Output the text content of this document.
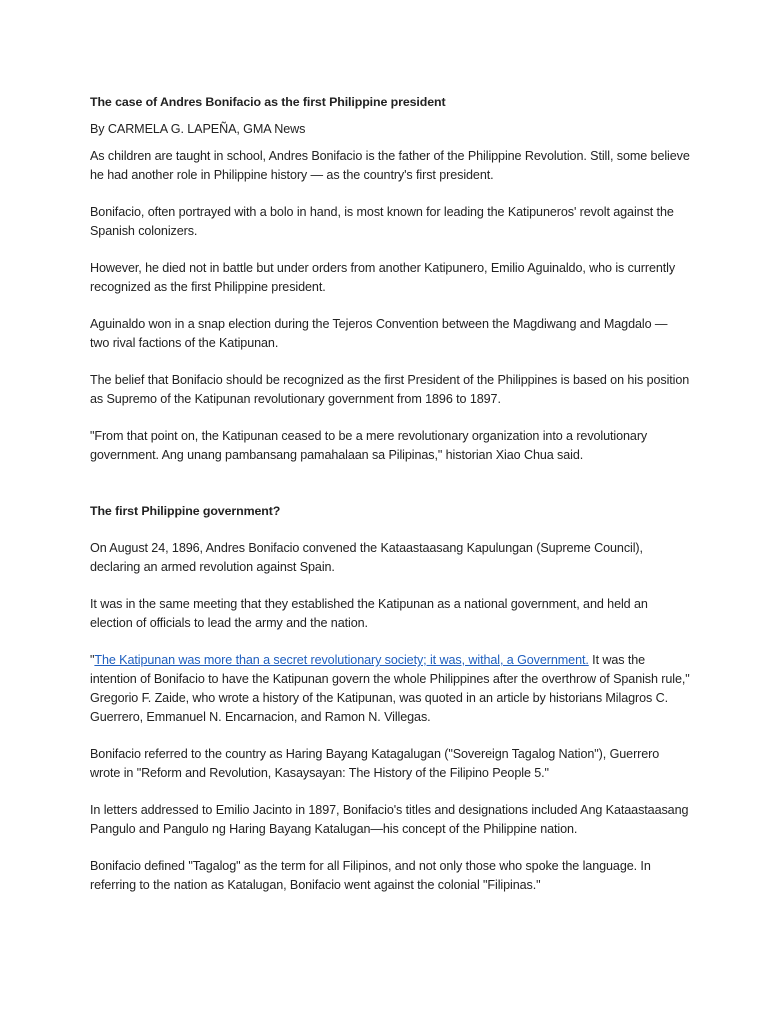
The case of Andres Bonifacio as the first Philippine president
By CARMELA G. LAPEÑA, GMA News

As children are taught in school, Andres Bonifacio is the father of the Philippine Revolution. Still, some believe he had another role in Philippine history — as the country's first president.

Bonifacio, often portrayed with a bolo in hand, is most known for leading the Katipuneros' revolt against the Spanish colonizers.

However, he died not in battle but under orders from another Katipunero, Emilio Aguinaldo, who is currently recognized as the first Philippine president.

Aguinaldo won in a snap election during the Tejeros Convention between the Magdiwang and Magdalo — two rival factions of the Katipunan.

The belief that Bonifacio should be recognized as the first President of the Philippines is based on his position as Supremo of the Katipunan revolutionary government from 1896 to 1897.

"From that point on, the Katipunan ceased to be a mere revolutionary organization into a revolutionary government. Ang unang pambansang pamahalaan sa Pilipinas," historian Xiao Chua said.

The first Philippine government?

On August 24, 1896, Andres Bonifacio convened the Kataastaasang Kapulungan (Supreme Council), declaring an armed revolution against Spain.

It was in the same meeting that they established the Katipunan as a national government, and held an election of officials to lead the army and the nation.

"The Katipunan was more than a secret revolutionary society; it was, withal, a Government. It was the intention of Bonifacio to have the Katipunan govern the whole Philippines after the overthrow of Spanish rule," Gregorio F. Zaide, who wrote a history of the Katipunan, was quoted in an article by historians Milagros C. Guerrero, Emmanuel N. Encarnacion, and Ramon N. Villegas.

Bonifacio referred to the country as Haring Bayang Katagalugan ("Sovereign Tagalog Nation"), Guerrero wrote in "Reform and Revolution, Kasaysayan: The History of the Filipino People 5."

In letters addressed to Emilio Jacinto in 1897, Bonifacio's titles and designations included Ang Kataastaasang Pangulo and Pangulo ng Haring Bayang Katalugan—his concept of the Philippine nation.

Bonifacio defined "Tagalog" as the term for all Filipinos, and not only those who spoke the language. In referring to the nation as Katalugan, Bonifacio went against the colonial "Filipinas."
